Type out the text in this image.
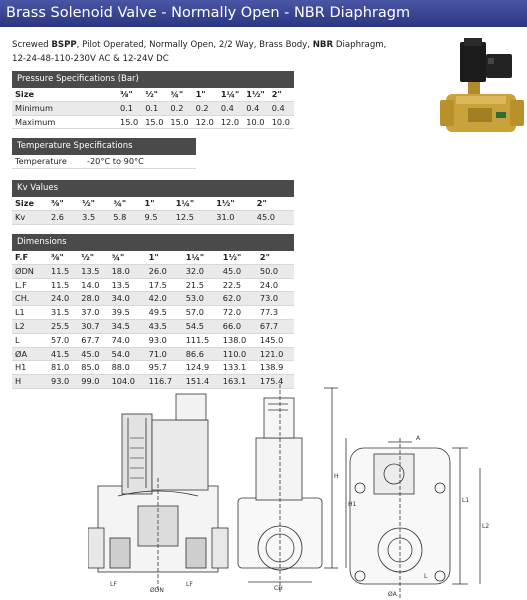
Brass Solenoid Valve - Normally Open - NBR Diaphragm
Screwed BSPP, Pilot Operated, Normally Open, 2/2 Way, Brass Body, NBR Diaphragm,
12-24-48-110-230V AC & 12-24V DC
Pressure Specifications (Bar)
Size	⅜"	½"	¾"	1"	1¼"	1½"	2"
Minimum	0.1	0.1	0.2	0.2	0.4	0.4	0.4
Maximum	15.0	15.0	15.0	12.0	12.0	10.0	10.0
Temperature Specifications
Temperature	-20°C to 90°C
Kv Values
Size	⅜"	½"	¾"	1"	1¼"	1½"	2"
Kv	2.6	3.5	5.8	9.5	12.5	31.0	45.0
Dimensions
F.F	⅜"	½"	¾"	1"	1¼"	1½"	2"
ØDN	11.5	13.5	18.0	26.0	32.0	45.0	50.0
L.F	11.5	14.0	13.5	17.5	21.5	22.5	24.0
CH.	24.0	28.0	34.0	42.0	53.0	62.0	73.0
L1	31.5	37.0	39.5	49.5	57.0	72.0	77.3
L2	25.5	30.7	34.5	43.5	54.5	66.0	67.7
L	57.0	67.7	74.0	93.0	111.5	138.0	145.0
ØA	41.5	45.0	54.0	71.0	86.6	110.0	121.0
H1	81.0	85.0	88.0	95.7	124.9	133.1	138.9
H	93.0	99.0	104.0	116.7	151.4	163.1	175.4
LF
ØDN
LF
CH
H
H1
A
L1
L2
L
ØA
